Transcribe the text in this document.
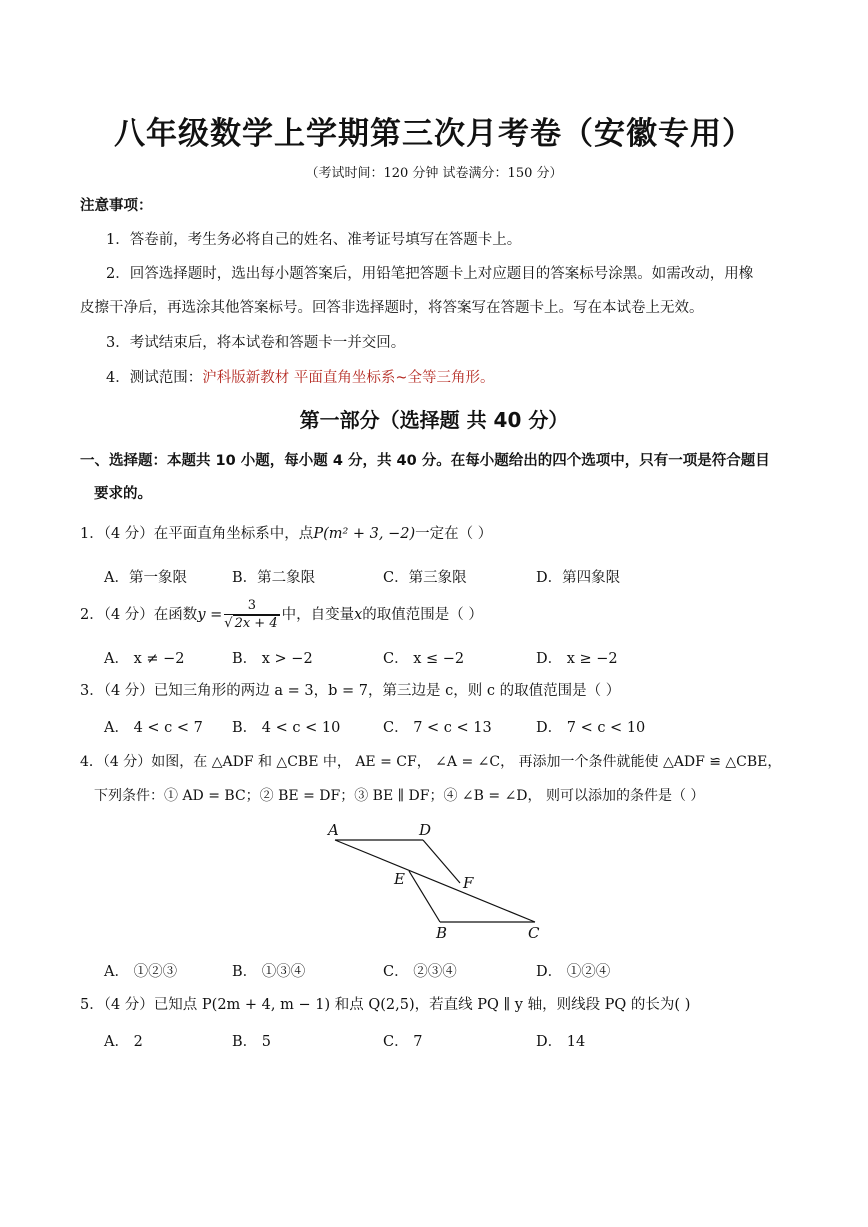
八年级数学上学期第三次月考卷（安徽专用）
（考试时间：120 分钟 试卷满分：150 分）
注意事项：
1．答卷前，考生务必将自己的姓名、准考证号填写在答题卡上。
2．回答选择题时，选出每小题答案后，用铅笔把答题卡上对应题目的答案标号涂黑。如需改动，用橡
皮擦干净后，再选涂其他答案标号。回答非选择题时，将答案写在答题卡上。写在本试卷上无效。
3．考试结束后，将本试卷和答题卡一并交回。
4．测试范围：沪科版新教材 平面直角坐标系~全等三角形。
第一部分（选择题 共 40 分）
一、选择题：本题共 10 小题，每小题 4 分，共 40 分。在每小题给出的四个选项中，只有一项是符合题目
要求的。
1．（4 分）在平面直角坐标系中，点P(m² + 3, −2)一定在（ ）
A．第一象限	B．第二象限	C．第三象限	D．第四象限
2．（4 分）在函数$y = \frac{3}{√ 2x + 4}$ 中，自变量x的取值范围是（ ）
A． x ≠ −2	B． x > −2	C． x ≤ −2	D． x ≥ −2
3．（4 分）已知三角形的两边 a = 3，b = 7，第三边是 c，则 c 的取值范围是（ ）
A． 4 < c < 7 B． 4 < c < 10	C． 7 < c < 13	D． 7 < c < 10
4．（4 分）如图，在 △ADF 和 △CBE 中， AE = CF， ∠A = ∠C， 再添加一个条件就能使 △ADF ≌ △CBE，
下列条件：① AD = BC；② BE = DF；③ BE ∥ DF；④ ∠B = ∠D， 则可以添加的条件是（ ）
A	D
E	F
B	C
A． ①②③	B． ①③④	C． ②③④	D． ①②④
5．（4 分）已知点 P(2m + 4, m − 1) 和点 Q(2,5)，若直线 PQ ∥ y 轴，则线段 PQ 的长为( )
A． 2	B． 5	C． 7	D． 14
